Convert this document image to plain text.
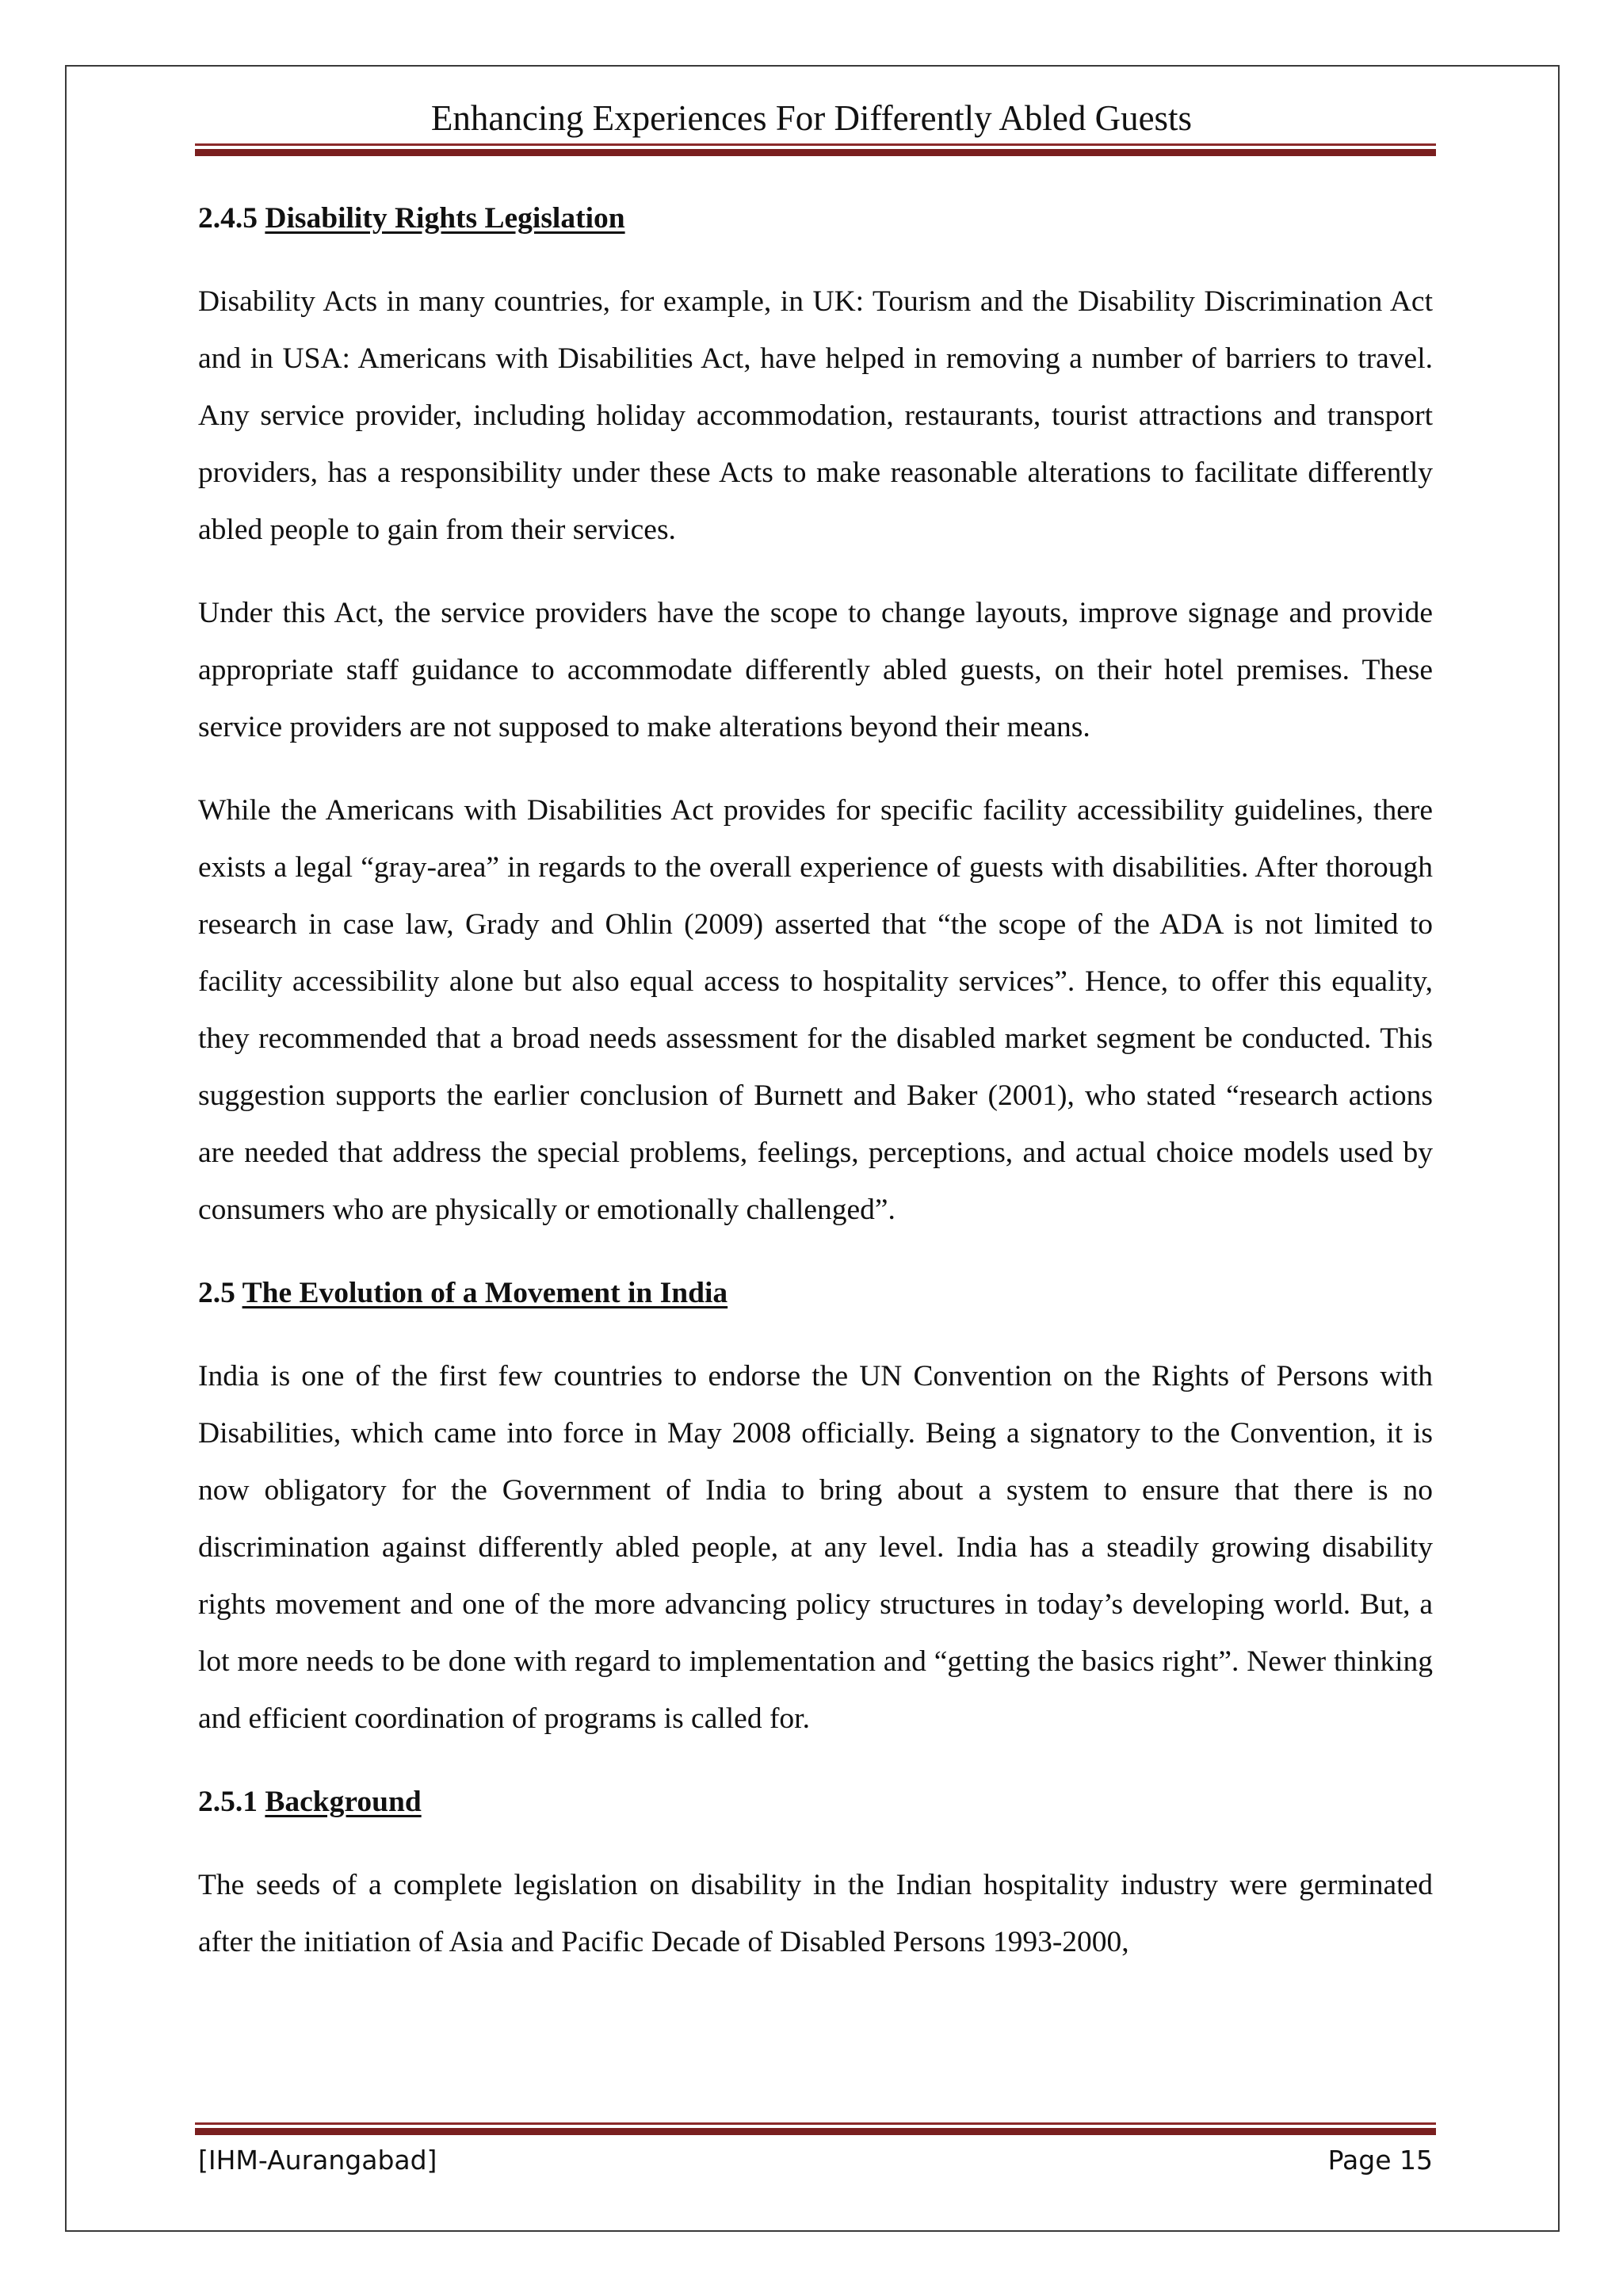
Enhancing Experiences For Differently Abled Guests
2.4.5 Disability Rights Legislation

Disability Acts in many countries, for example, in UK: Tourism and the Disability Discrimination Act and in USA: Americans with Disabilities Act, have helped in removing a number of barriers to travel. Any service provider, including holiday accommodation, restaurants, tourist attractions and transport providers, has a responsibility under these Acts to make reasonable alterations to facilitate differently abled people to gain from their services.

Under this Act, the service providers have the scope to change layouts, improve signage and provide appropriate staff guidance to accommodate differently abled guests, on their hotel premises. These service providers are not supposed to make alterations beyond their means.

While the Americans with Disabilities Act provides for specific facility accessibility guidelines, there exists a legal “gray-area” in regards to the overall experience of guests with disabilities. After thorough research in case law, Grady and Ohlin (2009) asserted that “the scope of the ADA is not limited to facility accessibility alone but also equal access to hospitality services”. Hence, to offer this equality, they recommended that a broad needs assessment for the disabled market segment be conducted. This suggestion supports the earlier conclusion of Burnett and Baker (2001), who stated “research actions are needed that address the special problems, feelings, perceptions, and actual choice models used by consumers who are physically or emotionally challenged”.

2.5 The Evolution of a Movement in India

India is one of the first few countries to endorse the UN Convention on the Rights of Persons with Disabilities, which came into force in May 2008 officially. Being a signatory to the Convention, it is now obligatory for the Government of India to bring about a system to ensure that there is no discrimination against differently abled people, at any level. India has a steadily growing disability rights movement and one of the more advancing policy structures in today’s developing world. But, a lot more needs to be done with regard to implementation and “getting the basics right”. Newer thinking and efficient coordination of programs is called for.

2.5.1 Background

The seeds of a complete legislation on disability in the Indian hospitality industry were germinated after the initiation of Asia and Pacific Decade of Disabled Persons 1993-2000,

[IHM-Aurangabad]	Page 15
